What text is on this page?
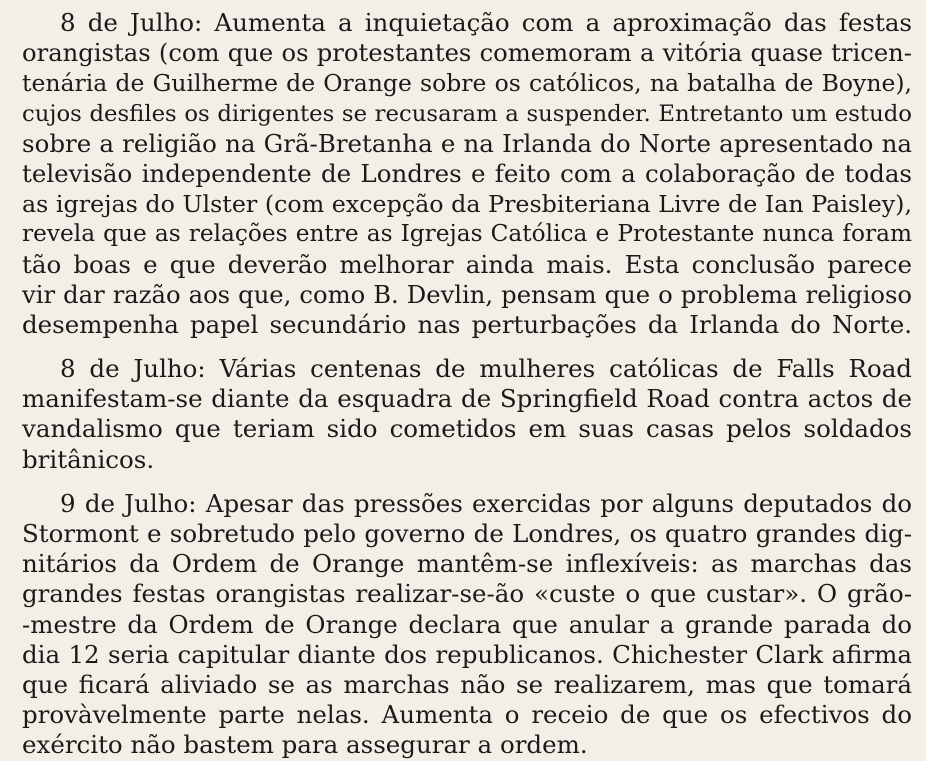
8 de Julho: Aumenta a inquietação com a aproximação das festas
orangistas (com que os protestantes comemoram a vitória quase tricen-
tenária de Guilherme de Orange sobre os católicos, na batalha de Boyne),
cujos desfiles os dirigentes se recusaram a suspender. Entretanto um estudo
sobre a religião na Grã-Bretanha e na Irlanda do Norte apresentado na
televisão independente de Londres e feito com a colaboração de todas
as igrejas do Ulster (com excepção da Presbiteriana Livre de Ian Paisley),
revela que as relações entre as Igrejas Católica e Protestante nunca foram
tão boas e que deverão melhorar ainda mais. Esta conclusão parece
vir dar razão aos que, como B. Devlin, pensam que o problema religioso
desempenha papel secundário nas perturbações da Irlanda do Norte.
8 de Julho: Várias centenas de mulheres católicas de Falls Road
manifestam-se diante da esquadra de Springfield Road contra actos de
vandalismo que teriam sido cometidos em suas casas pelos soldados
britânicos.
9 de Julho: Apesar das pressões exercidas por alguns deputados do
Stormont e sobretudo pelo governo de Londres, os quatro grandes dig-
nitários da Ordem de Orange mantêm-se inflexíveis: as marchas das
grandes festas orangistas realizar-se-ão «custe o que custar». O grão-
-mestre da Ordem de Orange declara que anular a grande parada do
dia 12 seria capitular diante dos republicanos. Chichester Clark afirma
que ficará aliviado se as marchas não se realizarem, mas que tomará
provàvelmente parte nelas. Aumenta o receio de que os efectivos do
exército não bastem para assegurar a ordem.
